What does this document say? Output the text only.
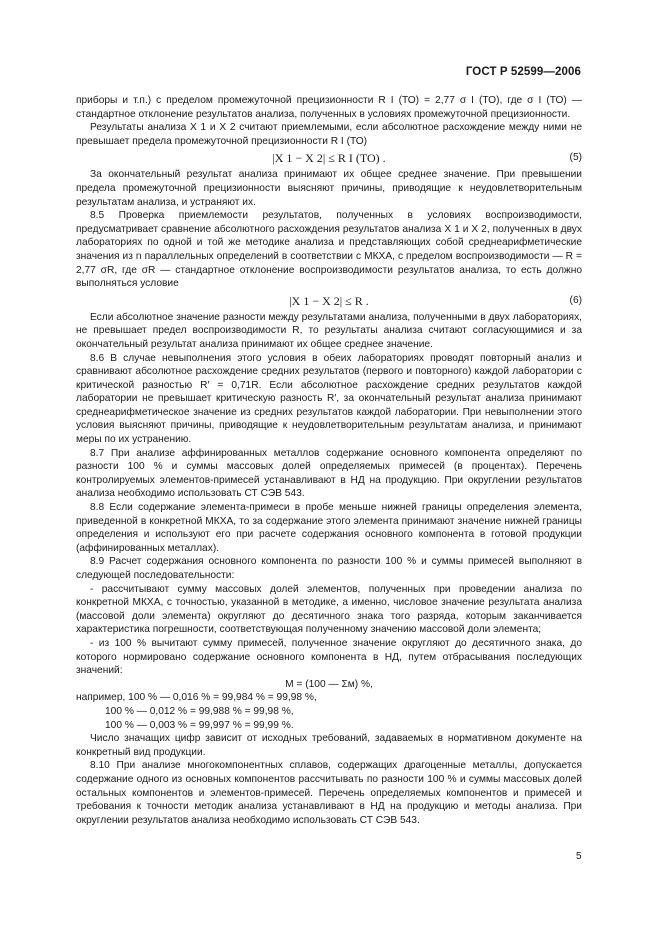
ГОСТ Р 52599—2006

приборы и т.п.) с пределом промежуточной прецизионности R I (ТО) = 2,77 σ I (ТО), где σ I (ТО) — стандартное отклонение результатов анализа, полученных в условиях промежуточной прецизионности.

Результаты анализа X 1 и X 2 считают приемлемыми, если абсолютное расхождение между ними не превышает предела промежуточной прецизионности R I (ТО)

|X 1 − X 2| ≤ R I (ТО) .	(5)

За окончательный результат анализа принимают их общее среднее значение. При превышении предела промежуточной прецизионности выясняют причины, приводящие к неудовлетворительным результатам анализа, и устраняют их.

8.5 Проверка приемлемости результатов, полученных в условиях воспроизводимости, предусматривает сравнение абсолютного расхождения результатов анализа X 1 и X 2, полученных в двух лабораториях по одной и той же методике анализа и представляющих собой среднеарифметические значения из n параллельных определений в соответствии с МКХА, с пределом воспроизводимости — R = 2,77 σR, где σR — стандартное отклонение воспроизводимости результатов анализа, то есть должно выполняться условие

|X 1 − X 2| ≤ R .	(6)

Если абсолютное значение разности между результатами анализа, полученными в двух лабораториях, не превышает предел воспроизводимости R, то результаты анализа считают согласующимися и за окончательный результат анализа принимают их общее среднее значение.

8.6 В случае невыполнения этого условия в обеих лабораториях проводят повторный анализ и сравнивают абсолютное расхождение средних результатов (первого и повторного) каждой лаборатории с критической разностью R′ = 0,71R. Если абсолютное расхождение средних результатов каждой лаборатории не превышает критическую разность R′, за окончательный результат анализа принимают среднеарифметическое значение из средних результатов каждой лаборатории. При невыполнении этого условия выясняют причины, приводящие к неудовлетворительным результатам анализа, и принимают меры по их устранению.

8.7 При анализе аффинированных металлов содержание основного компонента определяют по разности 100 % и суммы массовых долей определяемых примесей (в процентах). Перечень контролируемых элементов-примесей устанавливают в НД на продукцию. При округлении результатов анализа необходимо использовать СТ СЭВ 543.

8.8 Если содержание элемента-примеси в пробе меньше нижней границы определения элемента, приведенной в конкретной МКХА, то за содержание этого элемента принимают значение нижней границы определения и используют его при расчете содержания основного компонента в готовой продукции (аффинированных металлах).

8.9 Расчет содержания основного компонента по разности 100 % и суммы примесей выполняют в следующей последовательности:

- рассчитывают сумму массовых долей элементов, полученных при проведении анализа по конкретной МКХА, с точностью, указанной в методике, а именно, числовое значение результата анализа (массовой доли элемента) округляют до десятичного знака того разряда, которым заканчивается характеристика погрешности, соответствующая полученному значению массовой доли элемента;

- из 100 % вычитают сумму примесей, полученное значение округляют до десятичного знака, до которого нормировано содержание основного компонента в НД, путем отбрасывания последующих значений:

M = (100 — Σм) %,

например, 100 % — 0,016 % = 99,984 % = 99,98 %,

100 % — 0,012 % = 99,988 % = 99,98 %,

100 % — 0,003 % = 99,997 % = 99,99 %.

Число значащих цифр зависит от исходных требований, задаваемых в нормативном документе на конкретный вид продукции.

8.10 При анализе многокомпонентных сплавов, содержащих драгоценные металлы, допускается содержание одного из основных компонентов рассчитывать по разности 100 % и суммы массовых долей остальных компонентов и элементов-примесей. Перечень определяемых компонентов и примесей и требования к точности методик анализа устанавливают в НД на продукцию и методы анализа. При округлении результатов анализа необходимо использовать СТ СЭВ 543.

5
